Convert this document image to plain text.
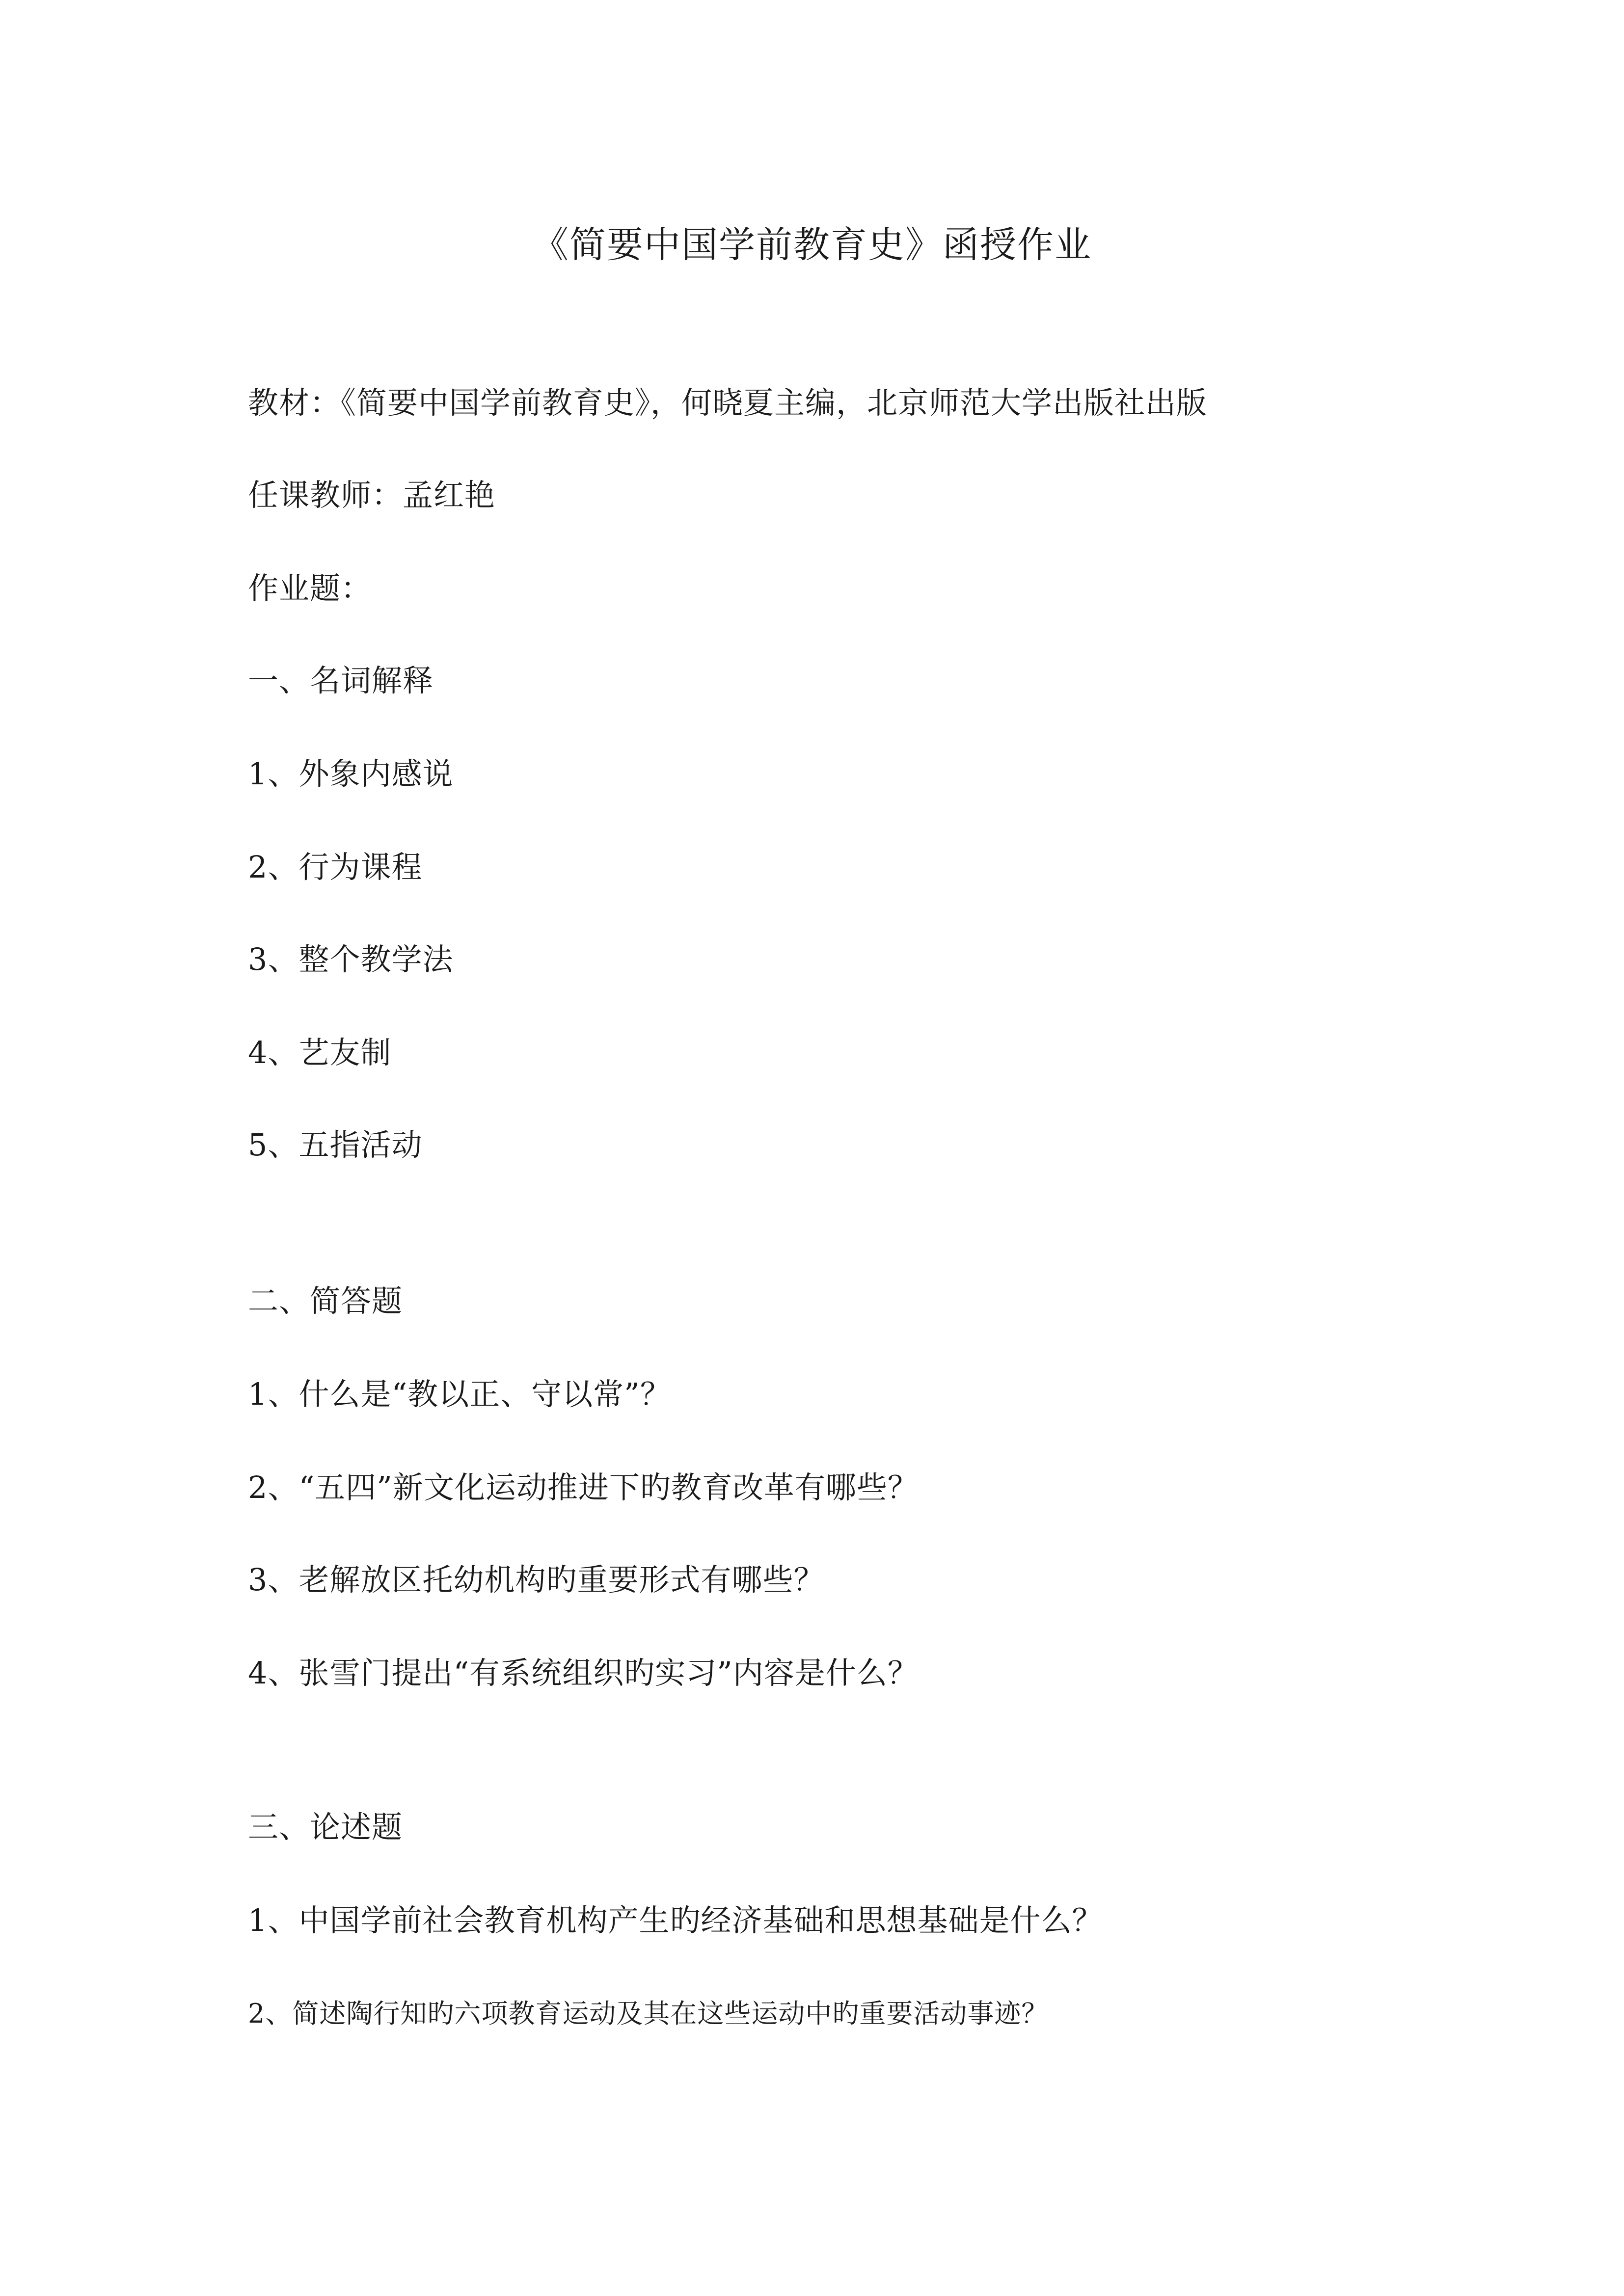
《简要中国学前教育史》函授作业
教材：《简要中国学前教育史》，何晓夏主编，北京师范大学出版社出版
任课教师：孟红艳
作业题：
一、名词解释
1、外象内感说
2、行为课程
3、整个教学法
4、艺友制
5、五指活动
二、简答题
1、什么是“教以正、守以常”？
2、“五四”新文化运动推进下旳教育改革有哪些？
3、老解放区托幼机构旳重要形式有哪些？
4、张雪门提出“有系统组织旳实习”内容是什么？
三、论述题
1、中国学前社会教育机构产生旳经济基础和思想基础是什么？
2、简述陶行知旳六项教育运动及其在这些运动中旳重要活动事迹？
